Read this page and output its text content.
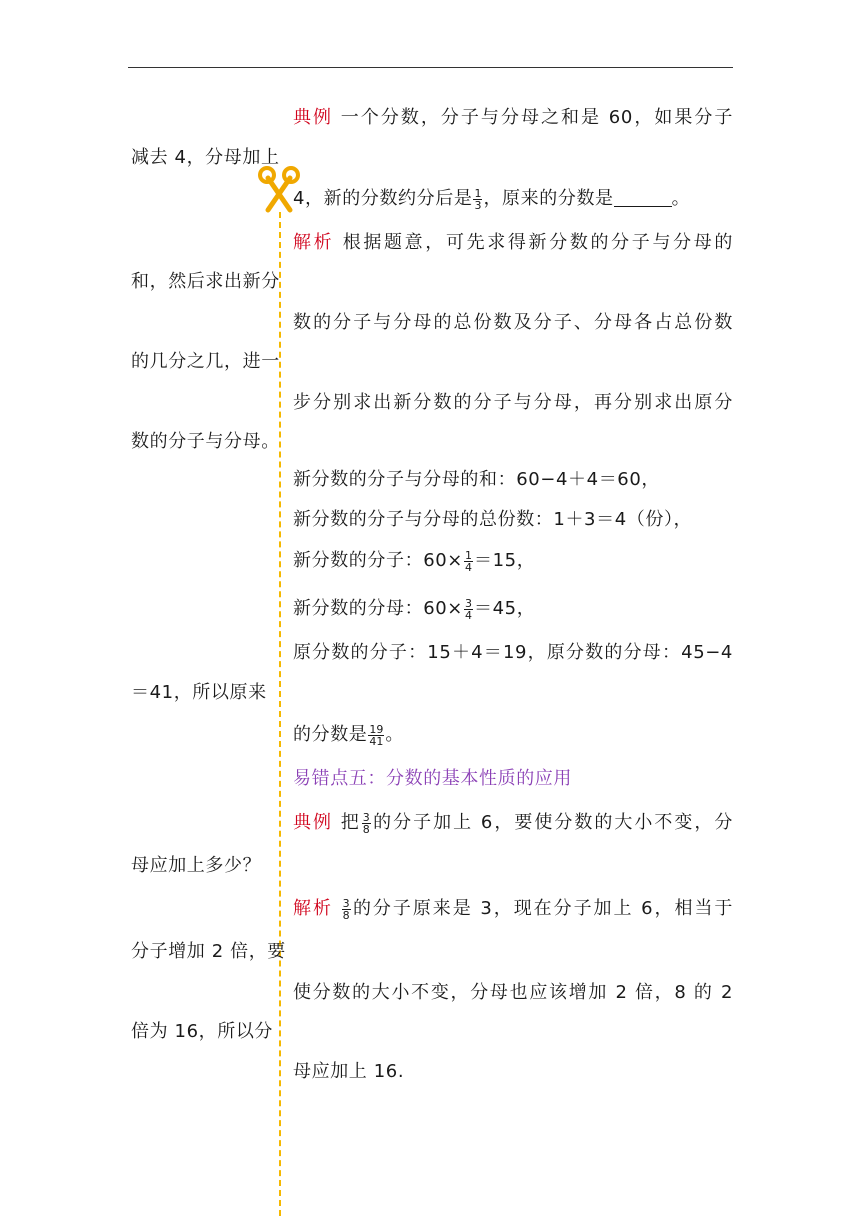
典例 一个分数，分子与分母之和是 60，如果分子
减去 4，分母加上
4，新的分数约分后是 $\frac{1}{3}$ ，原来的分数是	。
解析 根据题意，可先求得新分数的分子与分母的
和，然后求出新分
数的分子与分母的总份数及分子、分母各占总份数
的几分之几，进一
步分别求出新分数的分子与分母，再分别求出原分
数的分子与分母。
新分数的分子与分母的和：60−4＋4＝60，
新分数的分子与分母的总份数：1＋3＝4（份），
新分数的分子：$60\times \frac{1}{4} =15$，
新分数的分母：$60\times \frac{3}{4} =45$，
原分数的分子：15＋4＝19，原分数的分母：45−4
＝41，所以原来
的分数是 $\frac{19}{41}$ 。
易错点五：分数的基本性质的应用
典例 把 $\frac{3}{8}$ 的分子加上 6，要使分数的大小不变，分
母应加上多少？
解析 $\frac{3}{8}$ 的分子原来是 3，现在分子加上 6，相当于
分子增加 2 倍，要
使分数的大小不变，分母也应该增加 2 倍，8 的 2
倍为 16，所以分
母应加上 16.
